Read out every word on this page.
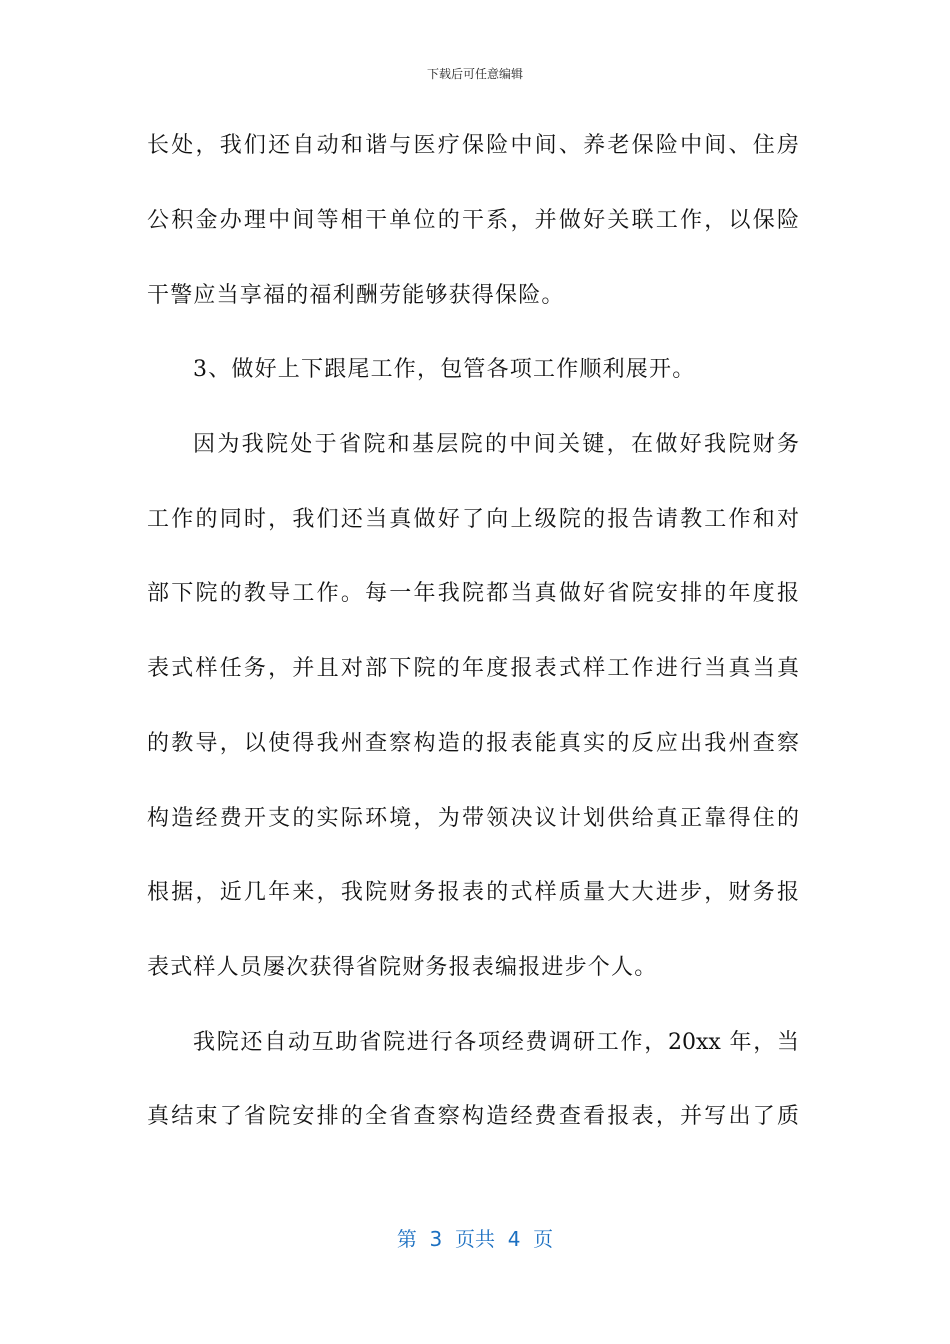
下载后可任意编辑
长处，我们还自动和谐与医疗保险中间、养老保险中间、住房
公积金办理中间等相干单位的干系，并做好关联工作，以保险
干警应当享福的福利酬劳能够获得保险。
3、做好上下跟尾工作，包管各项工作顺利展开。
因为我院处于省院和基层院的中间关键，在做好我院财务
工作的同时，我们还当真做好了向上级院的报告请教工作和对
部下院的教导工作。每一年我院都当真做好省院安排的年度报
表式样任务，并且对部下院的年度报表式样工作进行当真当真
的教导，以使得我州查察构造的报表能真实的反应出我州查察
构造经费开支的实际环境，为带领决议计划供给真正靠得住的
根据，近几年来，我院财务报表的式样质量大大进步，财务报
表式样人员屡次获得省院财务报表编报进步个人。
我院还自动互助省院进行各项经费调研工作，20xx 年，当
真结束了省院安排的全省查察构造经费查看报表，并写出了质
第  3  页共  4  页
